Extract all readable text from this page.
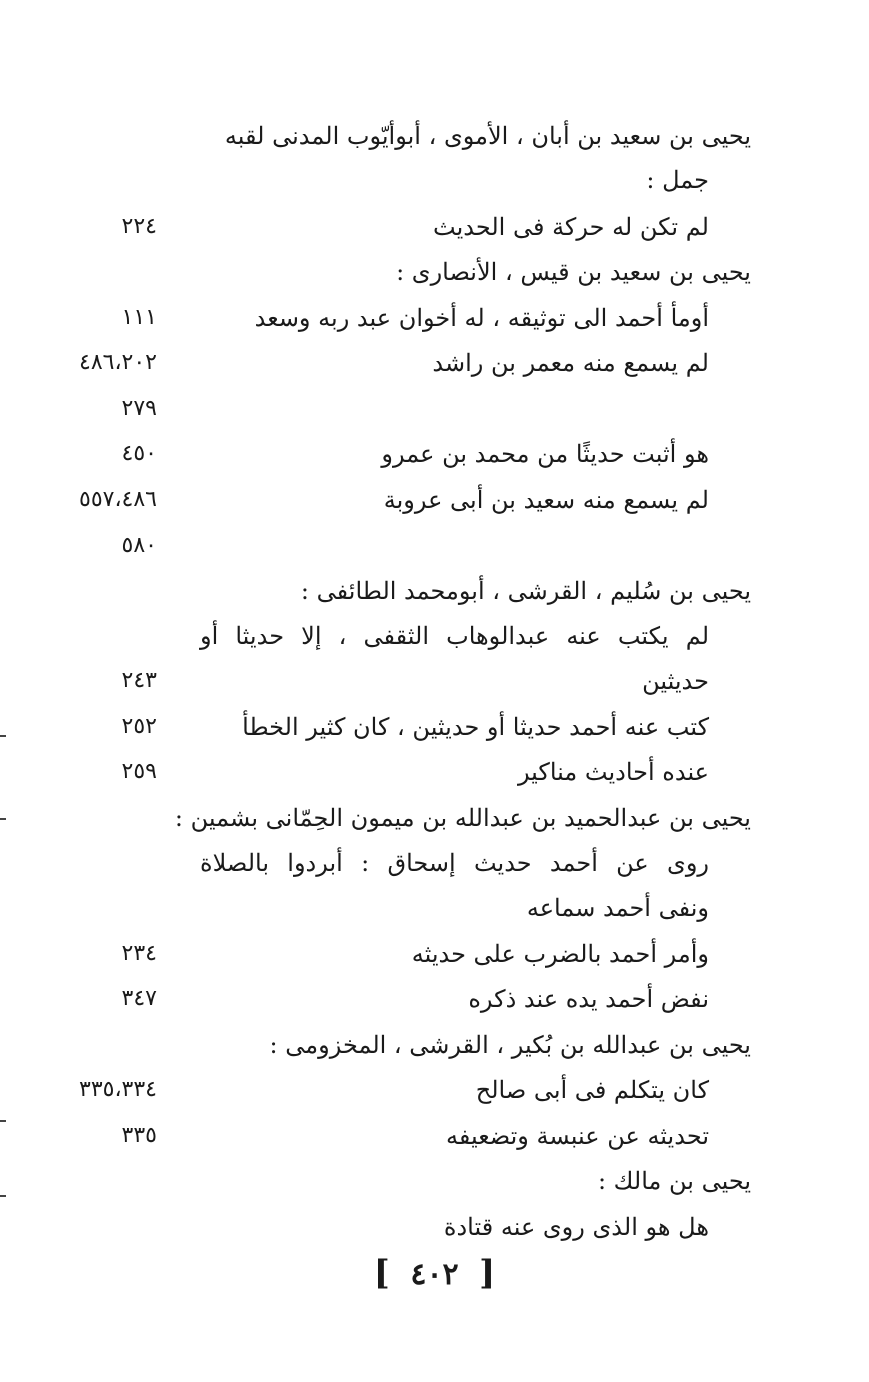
يحيى بن سعيد بن أبان ، الأموى ، أبوأيّوب المدنى لقبه
جمل :
لم تكن له حركة فى الحديث
٢٢٤
يحيى بن سعيد بن قيس ، الأنصارى :
أومأ أحمد الى توثيقه ، له أخوان عبد ربه وسعد
١١١
لم يسمع منه معمر بن راشد
٤٨٦،٢٠٢
٢٧٩
هو أثبت حديثًا من محمد بن عمرو
٤٥٠
لم يسمع منه سعيد بن أبى عروبة
٥٥٧،٤٨٦
٥٨٠
يحيى بن سُليم ، القرشى ، أبومحمد الطائفى :
لم يكتب عنه عبدالوهاب الثقفى ، إلا حديثا أو
حديثين
٢٤٣
كتب عنه أحمد حديثا أو حديثين ، كان كثير الخطأ
٢٥٢
عنده أحاديث مناكير
٢٥٩
يحيى بن عبدالحميد بن عبدالله بن ميمون الحِمّانى بشمين :
روى عن أحمد حديث إسحاق : أبردوا بالصلاة
ونفى أحمد سماعه
وأمر أحمد بالضرب على حديثه
٢٣٤
نفض أحمد يده عند ذكره
٣٤٧
يحيى بن عبدالله بن بُكير ، القرشى ، المخزومى :
كان يتكلم فى أبى صالح
٣٣٥،٣٣٤
تحديثه عن عنبسة وتضعيفه
٣٣٥
يحيى بن مالك :
هل هو الذى روى عنه قتادة
[ ٤٠٢ ]
